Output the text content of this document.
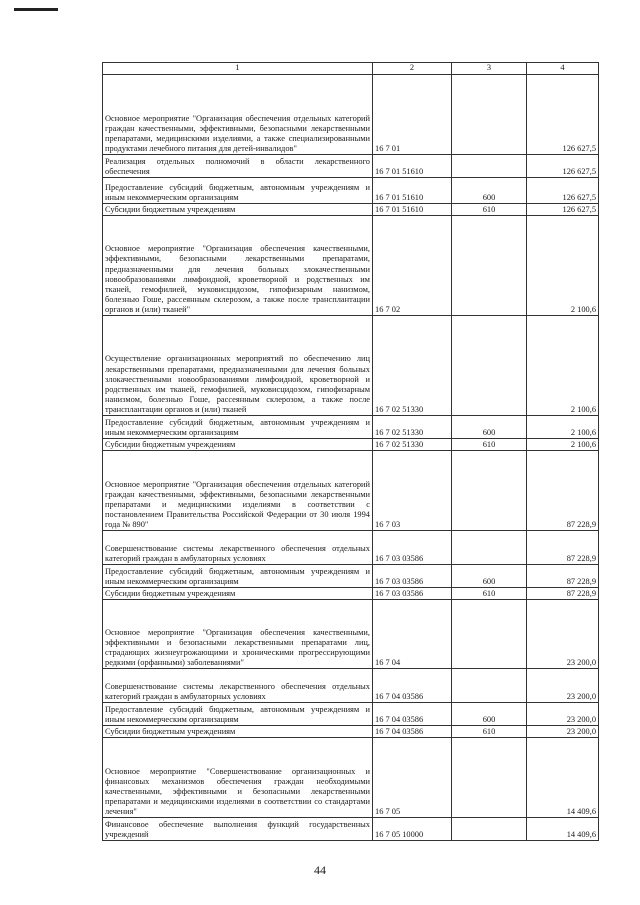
1	2	3	4
Основное мероприятие "Организация обеспечения отдельных категорий граждан качественными, эффективными, безопасными лекарственными препаратами, медицинскими изделиями, а также специализированными продуктами лечебного питания для детей-инвалидов"	16 7 01		126 627,5
Реализация отдельных полномочий в области лекарственного обеспечения	16 7 01 51610		126 627,5
Предоставление субсидий бюджетным, автономным учреждениям и иным некоммерческим организациям	16 7 01 51610	600	126 627,5
Субсидии бюджетным учреждениям	16 7 01 51610	610	126 627,5
Основное мероприятие "Организация обеспечения качественными, эффективными, безопасными лекарственными препаратами, предназначенными для лечения больных злокачественными новообразованиями лимфоидной, кроветворной и родственных им тканей, гемофилией, муковисцидозом, гипофизарным нанизмом, болезнью Гоше, рассеянным склерозом, а также после трансплантации органов и (или) тканей"	16 7 02		2 100,6
Осуществление организационных мероприятий по обеспечению лиц лекарственными препаратами, предназначенными для лечения больных злокачественными новообразованиями лимфоидной, кроветворной и родственных им тканей, гемофилией, муковисцидозом, гипофизарным нанизмом, болезнью Гоше, рассеянным склерозом, а также после трансплантации органов и (или) тканей	16 7 02 51330		2 100,6
Предоставление субсидий бюджетным, автономным учреждениям и иным некоммерческим организациям	16 7 02 51330	600	2 100,6
Субсидии бюджетным учреждениям	16 7 02 51330	610	2 100,6
Основное мероприятие "Организация обеспечения отдельных категорий граждан качественными, эффективными, безопасными лекарственными препаратами и медицинскими изделиями в соответствии с постановлением Правительства Российской Федерации от 30 июля 1994 года № 890"	16 7 03		87 228,9
Совершенствование системы лекарственного обеспечения отдельных категорий граждан в амбулаторных условиях	16 7 03 03586		87 228,9
Предоставление субсидий бюджетным, автономным учреждениям и иным некоммерческим организациям	16 7 03 03586	600	87 228,9
Субсидии бюджетным учреждениям	16 7 03 03586	610	87 228,9
Основное мероприятие "Организация обеспечения качественными, эффективными и безопасными лекарственными препаратами лиц, страдающих жизнеугрожающими и хроническими прогрессирующими редкими (орфанными) заболеваниями"	16 7 04		23 200,0
Совершенствование системы лекарственного обеспечения отдельных категорий граждан в амбулаторных условиях	16 7 04 03586		23 200,0
Предоставление субсидий бюджетным, автономным учреждениям и иным некоммерческим организациям	16 7 04 03586	600	23 200,0
Субсидии бюджетным учреждениям	16 7 04 03586	610	23 200,0
Основное мероприятие "Совершенствование организационных и финансовых механизмов обеспечения граждан необходимыми качественными, эффективными и безопасными лекарственными препаратами и медицинскими изделиями в соответствии со стандартами лечения"	16 7 05		14 409,6
Финансовое обеспечение выполнения функций государственных учреждений	16 7 05 10000		14 409,6
44
